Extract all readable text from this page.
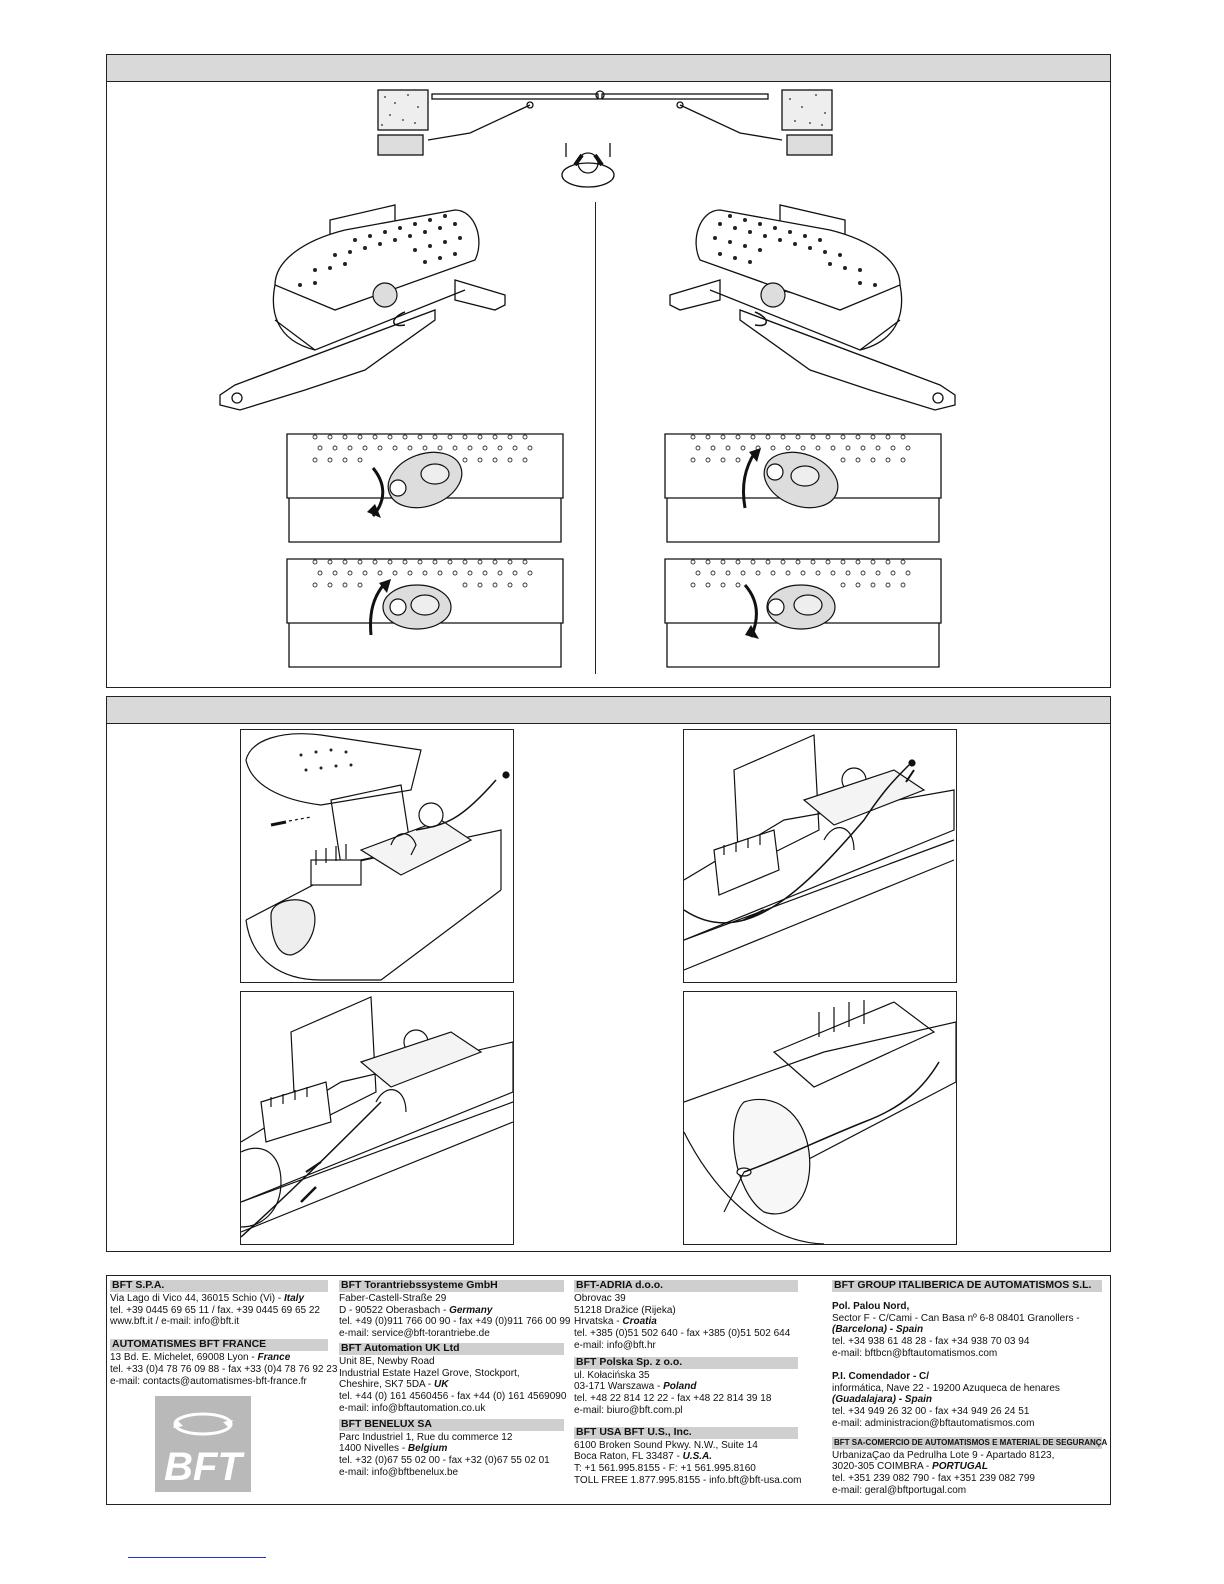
BFT S.P.A.

Via Lago di Vico 44, 36015 Schio (Vi) - Italy

tel. +39 0445 69 65 11 / fax. +39 0445 69 65 22

www.bft.it / e-mail: info@bft.it

AUTOMATISMES BFT FRANCE

13 Bd. E. Michelet, 69008 Lyon - France

tel. +33 (0)4 78 76 09 88 - fax +33 (0)4 78 76 92 23

e-mail: contacts@automatismes-bft-france.fr

BFT Torantriebssysteme GmbH

Faber-Castell-Straße 29

D - 90522 Oberasbach - Germany

tel. +49 (0)911 766 00 90 - fax +49 (0)911 766 00 99

e-mail: service@bft-torantriebe.de

BFT Automation UK Ltd

Unit 8E, Newby Road

Industrial Estate Hazel Grove, Stockport,

Cheshire, SK7 5DA - UK

tel. +44 (0) 161 4560456 - fax +44 (0) 161 4569090

e-mail: info@bftautomation.co.uk

BFT BENELUX SA

Parc Industriel 1, Rue du commerce 12

1400 Nivelles - Belgium

tel. +32 (0)67 55 02 00 - fax +32 (0)67 55 02 01

e-mail: info@bftbenelux.be

BFT-ADRIA d.o.o.

Obrovac 39

51218 Dražice (Rijeka)

Hrvatska - Croatia

tel. +385 (0)51 502 640 - fax +385 (0)51 502 644

e-mail: info@bft.hr

BFT Polska Sp. z o.o.

ul. Kołacińska 35

03-171 Warszawa - Poland

tel. +48 22 814 12 22 - fax +48 22 814 39 18

e-mail: biuro@bft.com.pl

BFT USA BFT U.S., Inc.

6100 Broken Sound Pkwy. N.W., Suite 14

Boca Raton, FL 33487 - U.S.A.

T: +1 561.995.8155 - F: +1 561.995.8160

TOLL FREE 1.877.995.8155 - info.bft@bft-usa.com

BFT GROUP ITALIBERICA DE AUTOMATISMOS S.L.

Pol. Palou Nord,

Sector F - C/Cami - Can Basa nº 6-8 08401 Granollers -

(Barcelona) - Spain

tel. +34 938 61 48 28 - fax +34 938 70 03 94

e-mail: bftbcn@bftautomatismos.com

P.I. Comendador - C/

informática, Nave 22 - 19200 Azuqueca de henares

(Guadalajara) - Spain

tel. +34 949 26 32 00 - fax +34 949 26 24 51

e-mail: administracion@bftautomatismos.com

BFT SA-COMERCIO DE AUTOMATISMOS E MATERIAL DE SEGURANÇA

UrbanizaÇao da Pedrulha Lote 9 - Apartado 8123,

3020-305 COIMBRA - PORTUGAL

tel. +351 239 082 790 - fax +351 239 082 799

e-mail: geral@bftportugal.com

BFT
